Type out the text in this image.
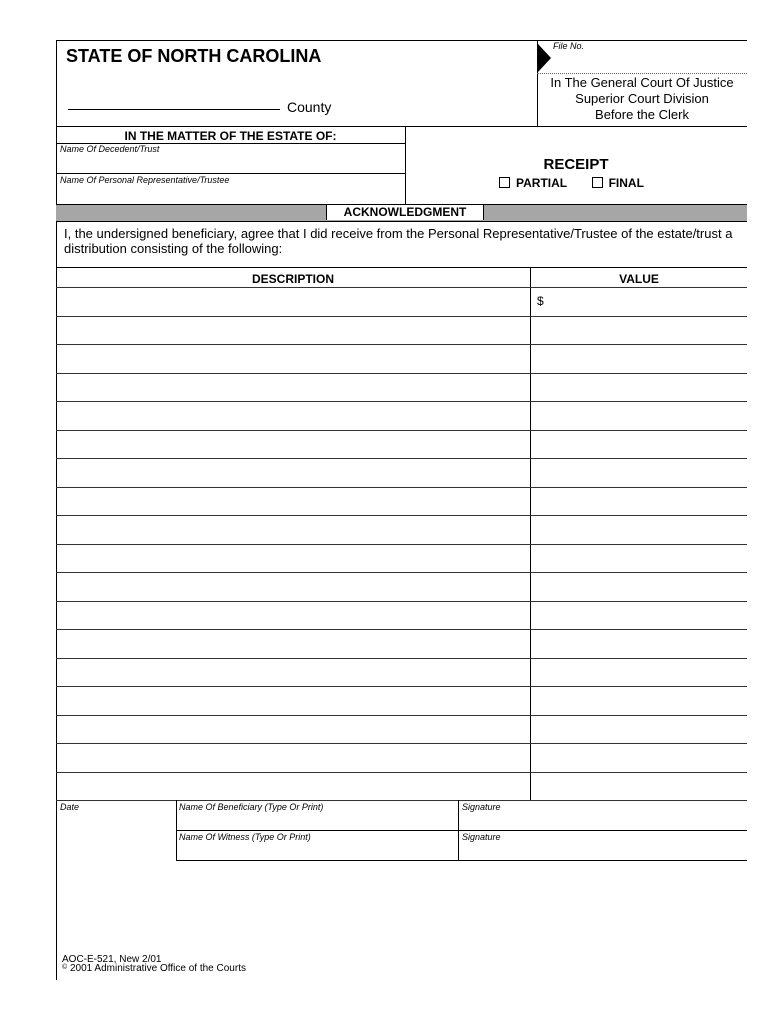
STATE OF NORTH CAROLINA
County
File No.
In The General Court Of Justice
Superior Court Division
Before the Clerk
IN THE MATTER OF THE ESTATE OF:
Name Of Decedent/Trust
Name Of Personal Representative/Trustee
RECEIPT
PARTIAL	FINAL
ACKNOWLEDGMENT
I, the undersigned beneficiary, agree that I did receive from the Personal Representative/Trustee of the estate/trust a distribution consisting of the following:
DESCRIPTION	VALUE
$
Date	Name Of Beneficiary (Type Or Print)	Signature
Name Of Witness (Type Or Print)	Signature
AOC-E-521, New 2/01
© 2001 Administrative Office of the Courts
